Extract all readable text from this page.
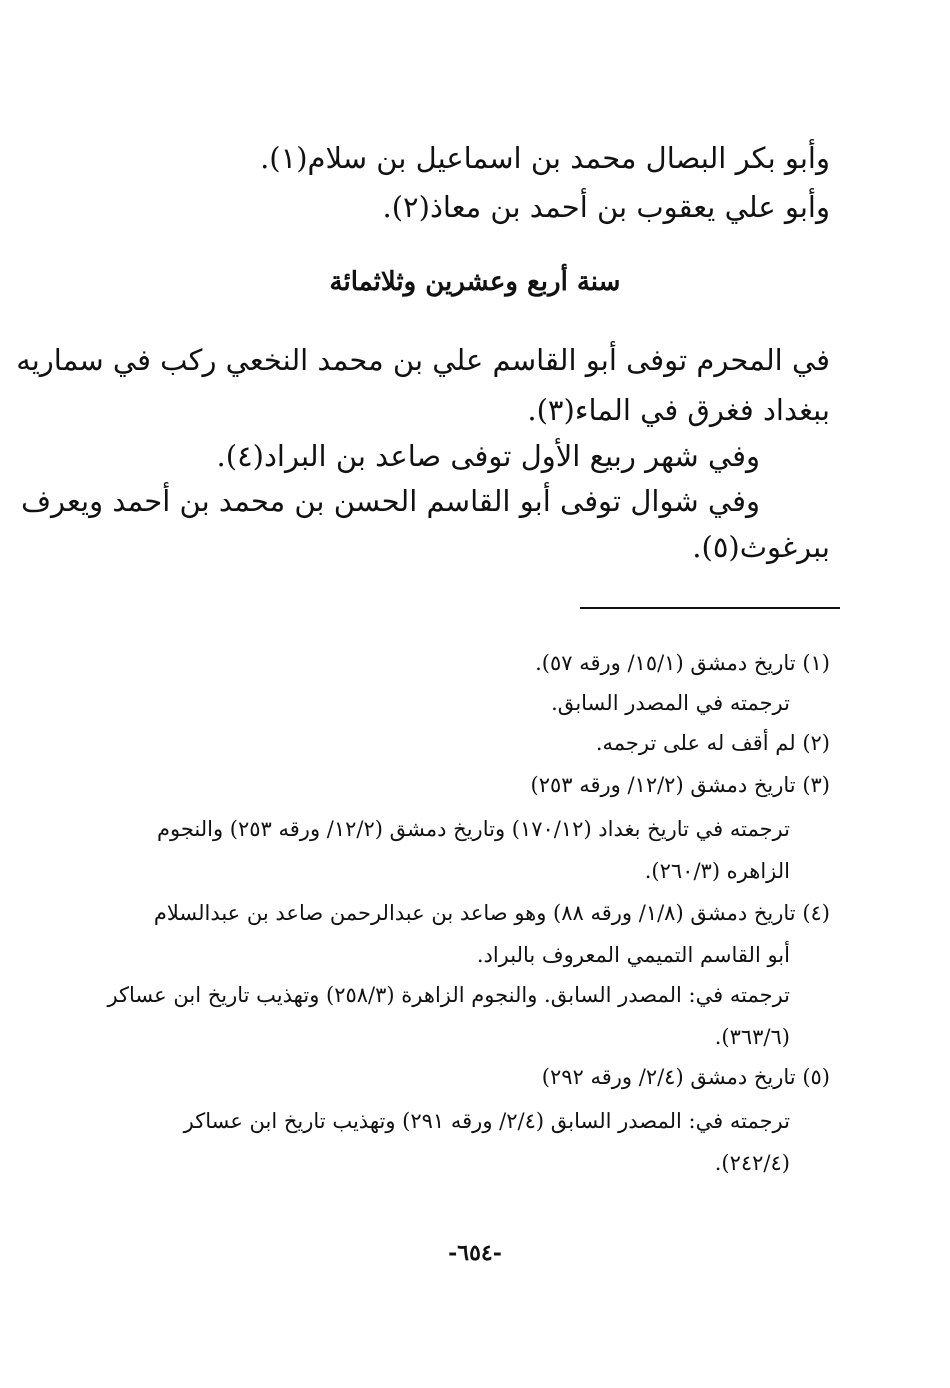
وأبو بكر البصال محمد بن اسماعيل بن سلام(١).
وأبو علي يعقوب بن أحمد بن معاذ(٢).
سنة أربع وعشرين وثلاثمائة
في المحرم توفى أبو القاسم علي بن محمد النخعي ركب في سماريه
ببغداد فغرق في الماء(٣).
وفي شهر ربيع الأول توفى صاعد بن البراد(٤).
وفي شوال توفى أبو القاسم الحسن بن محمد بن أحمد ويعرف
ببرغوث(٥).
(١) تاريخ دمشق (١٥/١/ ورقه ٥٧).
ترجمته في المصدر السابق.
(٢) لم أقف له على ترجمه.
(٣) تاريخ دمشق (١٢/٢/ ورقه ٢٥٣)
ترجمته في تاريخ بغداد (١٧٠/١٢) وتاريخ دمشق (١٢/٢/ ورقه ٢٥٣) والنجوم
الزاهره (٢٦٠/٣).
(٤) تاريخ دمشق (١/٨/ ورقه ٨٨) وهو صاعد بن عبدالرحمن صاعد بن عبدالسلام
أبو القاسم التميمي المعروف بالبراد.
ترجمته في: المصدر السابق. والنجوم الزاهرة (٢٥٨/٣) وتهذيب تاريخ ابن عساكر
(٣٦٣/٦).
(٥) تاريخ دمشق (٢/٤/ ورقه ٢٩٢)
ترجمته في: المصدر السابق (٢/٤/ ورقه ٢٩١) وتهذيب تاريخ ابن عساكر
(٢٤٢/٤).
-٦٥٤-
